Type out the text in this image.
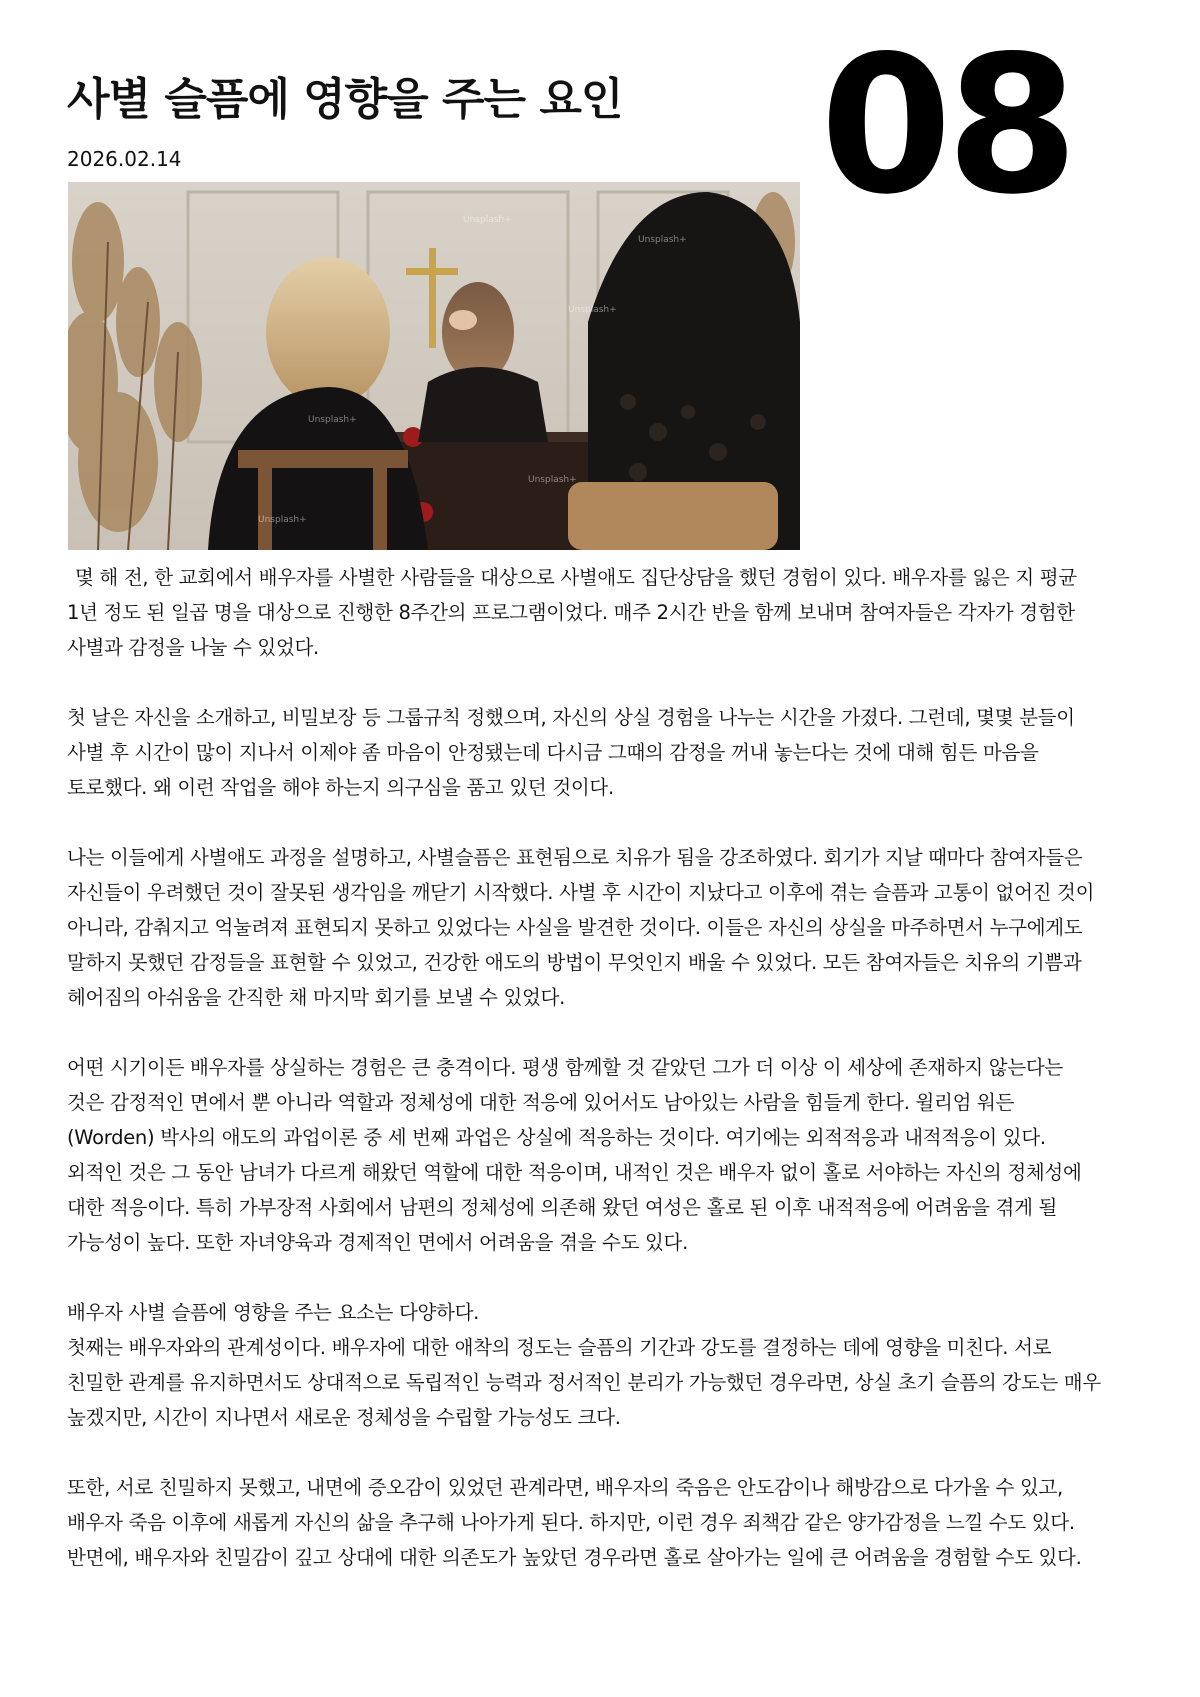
사별 슬픔에 영향을 주는 요인
2026.02.14	08
Unsplash+
Unsplash+
Unsplash+
Unsplash+
Unsplash+
Unsplash+

몇 해 전, 한 교회에서 배우자를 사별한 사람들을 대상으로 사별애도 집단상담을 했던 경험이 있다. 배우자를 잃은 지 평균 1년 정도 된 일곱 명을 대상으로 진행한 8주간의 프로그램이었다. 매주 2시간 반을 함께 보내며 참여자들은 각자가 경험한 사별과 감정을 나눌 수 있었다.

첫 날은 자신을 소개하고, 비밀보장 등 그룹규칙 정했으며, 자신의 상실 경험을 나누는 시간을 가졌다. 그런데, 몇몇 분들이 사별 후 시간이 많이 지나서 이제야 좀 마음이 안정됐는데 다시금 그때의 감정을 꺼내 놓는다는 것에 대해 힘든 마음을 토로했다. 왜 이런 작업을 해야 하는지 의구심을 품고 있던 것이다.

나는 이들에게 사별애도 과정을 설명하고, 사별슬픔은 표현됨으로 치유가 됨을 강조하였다. 회기가 지날 때마다 참여자들은 자신들이 우려했던 것이 잘못된 생각임을 깨닫기 시작했다. 사별 후 시간이 지났다고 이후에 겪는 슬픔과 고통이 없어진 것이 아니라, 감춰지고 억눌려져 표현되지 못하고 있었다는 사실을 발견한 것이다. 이들은 자신의 상실을 마주하면서 누구에게도 말하지 못했던 감정들을 표현할 수 있었고, 건강한 애도의 방법이 무엇인지 배울 수 있었다. 모든 참여자들은 치유의 기쁨과 헤어짐의 아쉬움을 간직한 채 마지막 회기를 보낼 수 있었다.

어떤 시기이든 배우자를 상실하는 경험은 큰 충격이다. 평생 함께할 것 같았던 그가 더 이상 이 세상에 존재하지 않는다는 것은 감정적인 면에서 뿐 아니라 역할과 정체성에 대한 적응에 있어서도 남아있는 사람을 힘들게 한다. 윌리엄 워든(Worden) 박사의 애도의 과업이론 중 세 번째 과업은 상실에 적응하는 것이다. 여기에는 외적적응과 내적적응이 있다. 외적인 것은 그 동안 남녀가 다르게 해왔던 역할에 대한 적응이며, 내적인 것은 배우자 없이 홀로 서야하는 자신의 정체성에 대한 적응이다. 특히 가부장적 사회에서 남편의 정체성에 의존해 왔던 여성은 홀로 된 이후 내적적응에 어려움을 겪게 될 가능성이 높다. 또한 자녀양육과 경제적인 면에서 어려움을 겪을 수도 있다.

배우자 사별 슬픔에 영향을 주는 요소는 다양하다.

첫째는 배우자와의 관계성이다. 배우자에 대한 애착의 정도는 슬픔의 기간과 강도를 결정하는 데에 영향을 미친다. 서로 친밀한 관계를 유지하면서도 상대적으로 독립적인 능력과 정서적인 분리가 가능했던 경우라면, 상실 초기 슬픔의 강도는 매우 높겠지만, 시간이 지나면서 새로운 정체성을 수립할 가능성도 크다.

또한, 서로 친밀하지 못했고, 내면에 증오감이 있었던 관계라면, 배우자의 죽음은 안도감이나 해방감으로 다가올 수 있고, 배우자 죽음 이후에 새롭게 자신의 삶을 추구해 나아가게 된다. 하지만, 이런 경우 죄책감 같은 양가감정을 느낄 수도 있다. 반면에, 배우자와 친밀감이 깊고 상대에 대한 의존도가 높았던 경우라면 홀로 살아가는 일에 큰 어려움을 경험할 수도 있다.
